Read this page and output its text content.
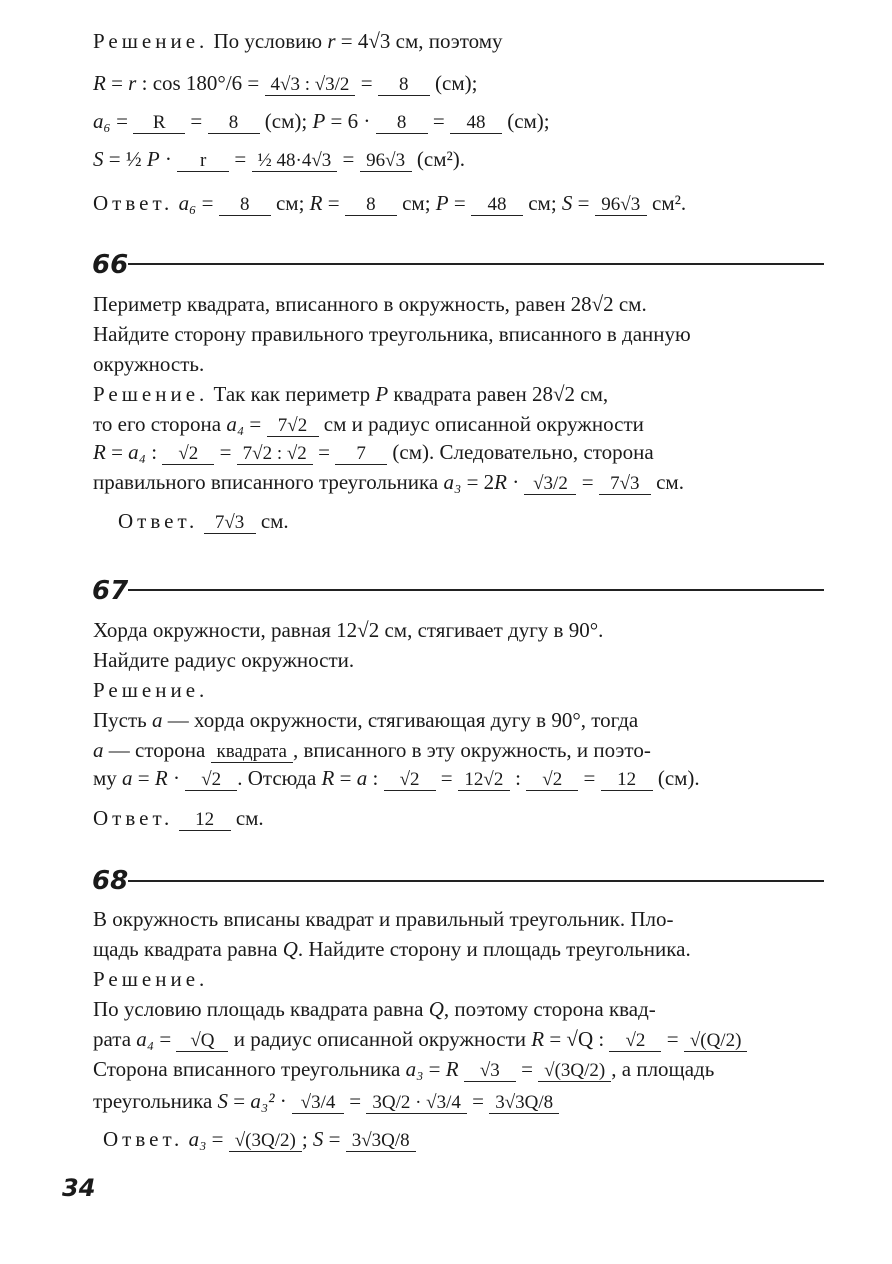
Решение. По условию r = 4√3 см, поэтому
R = r : cos 180°/6 = 4√3 : √3/2 = 8 (см);
a₆ = R = 8 (см); P = 6 · 8 = 48 (см);
S = ½ P · r = ½ 48·4√3 = 96√3 (см²).
Ответ. a₆ = 8 см; R = 8 см; P = 48 см; S = 96√3 см².
Периметр квадрата, вписанного в окружность, равен 28√2 см.
Найдите сторону правильного треугольника, вписанного в данную
окружность.
Решение. Так как периметр P квадрата равен 28√2 см,
то его сторона a₄ = 7√2 см и радиус описанной окружности
R = a₄ : √2 = 7√2 : √2 = 7 (см). Следовательно, сторона
правильного вписанного треугольника a₃ = 2R · √3/2 = 7√3 см.
Ответ. 7√3 см.
Хорда окружности, равная 12√2 см, стягивает дугу в 90°.
Найдите радиус окружности.
Решение.
Пусть a — хорда окружности, стягивающая дугу в 90°, тогда
a — сторона квадрата , вписанного в эту окружность, и поэто-
му a = R · √2 . Отсюда R = a : √2 = 12√2 : √2 = 12 (см).
Ответ. 12 см.
В окружность вписаны квадрат и правильный треугольник. Пло-
щадь квадрата равна Q. Найдите сторону и площадь треугольника.
Решение.
По условию площадь квадрата равна Q, поэтому сторона квад-
рата a₄ = √Q и радиус описанной окружности R = √Q : √2 = √(Q/2)
Сторона вписанного треугольника a₃ = R √3 = √(3Q/2) , а площадь
треугольника S = a₃² · √3/4 = 3Q/2 · √3/4 = 3√3Q/8
Ответ. a₃ = √(3Q/2) ; S = 3√3Q/8
66
67
68
34
